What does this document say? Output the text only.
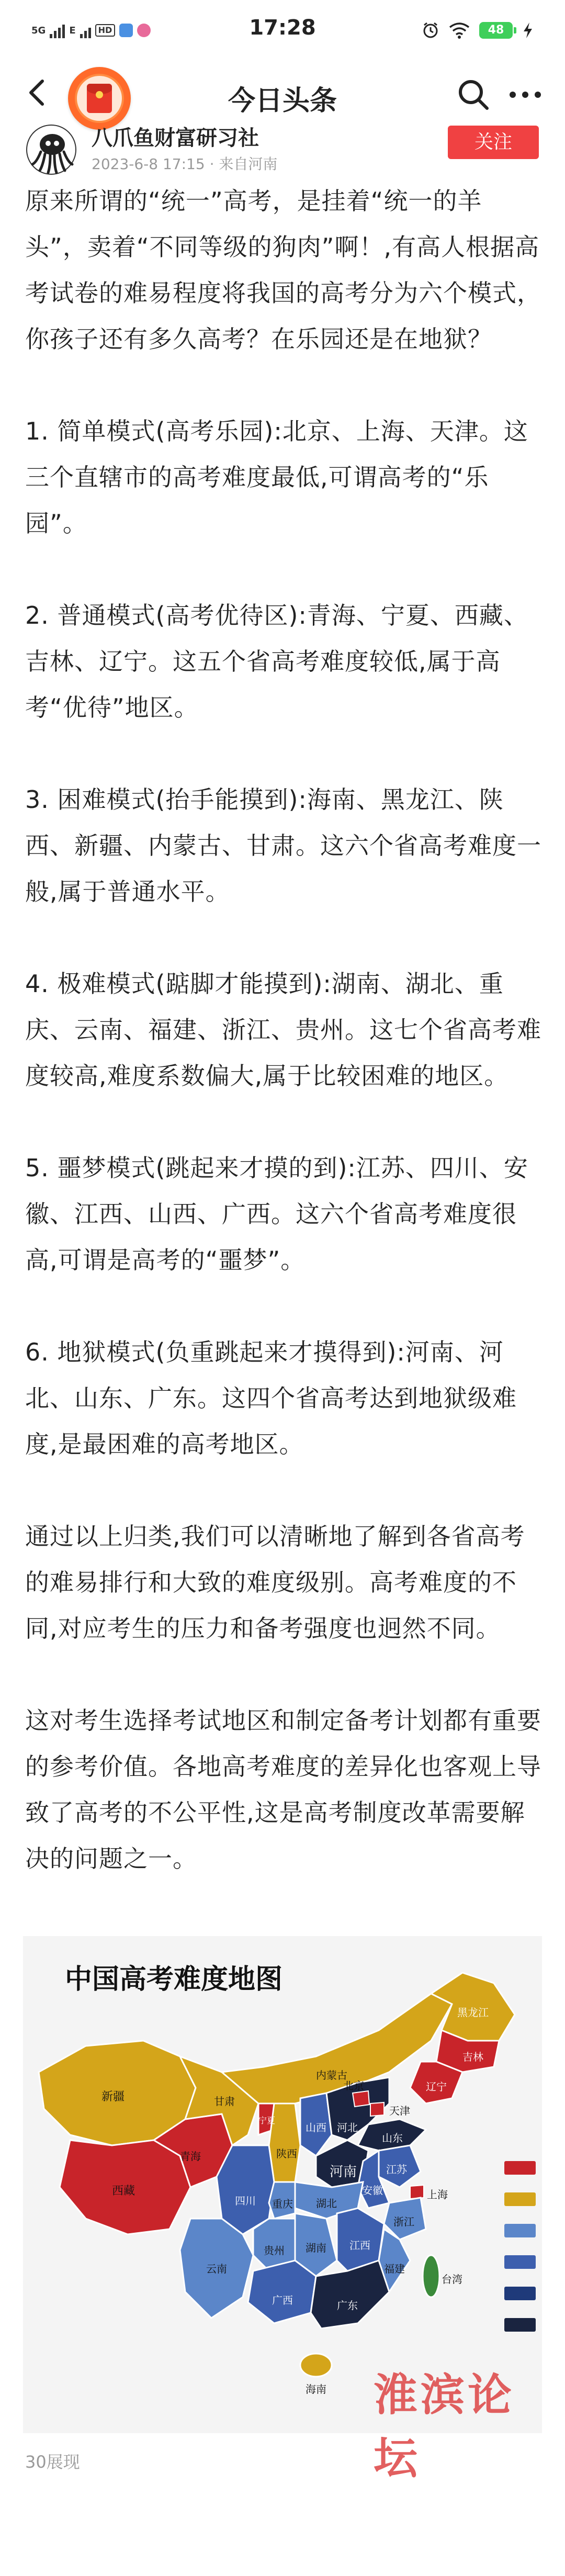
5G	E	HD	17:28	48
今日头条
八爪鱼财富研习社
2023-6-8 17:15 · 来自河南
关注

原来所谓的“统一”高考，是挂着“统一的羊头”，卖着“不同等级的狗肉”啊！,有高人根据高考试卷的难易程度将我国的高考分为六个模式， 你孩子还有多久高考？在乐园还是在地狱？

1. 简单模式(高考乐园):北京、上海、天津。这三个直辖市的高考难度最低,可谓高考的“乐园”。

2. 普通模式(高考优待区):青海、宁夏、西藏、吉林、辽宁。这五个省高考难度较低,属于高考“优待”地区。

3. 困难模式(抬手能摸到):海南、黑龙江、陕西、新疆、内蒙古、甘肃。这六个省高考难度一般,属于普通水平。

4. 极难模式(踮脚才能摸到):湖南、湖北、重庆、云南、福建、浙江、贵州。这七个省高考难度较高,难度系数偏大,属于比较困难的地区。

5. 噩梦模式(跳起来才摸的到):江苏、四川、安徽、江西、山西、广西。这六个省高考难度很高,可谓是高考的“噩梦”。

6. 地狱模式(负重跳起来才摸得到):河南、河北、山东、广东。这四个省高考达到地狱级难度,是最困难的高考地区。

通过以上归类,我们可以清晰地了解到各省高考的难易排行和大致的难度级别。高考难度的不同,对应考生的压力和备考强度也迥然不同。

这对考生选择考试地区和制定备考计划都有重要的参考价值。各地高考难度的差异化也客观上导致了高考的不公平性,这是高考制度改革需要解决的问题之一。

中国高考难度地图
新疆
西藏
青海
甘肃
内蒙古
黑龙江
吉林
辽宁
宁夏
陕西
山西 河北
北京
天津
山东
河南	江苏
安徽	上海
湖北
四川 重庆
浙江
湖南 江西
福建
贵州
云南
广西	广东
台湾
海南 淮滨论坛
30展现
